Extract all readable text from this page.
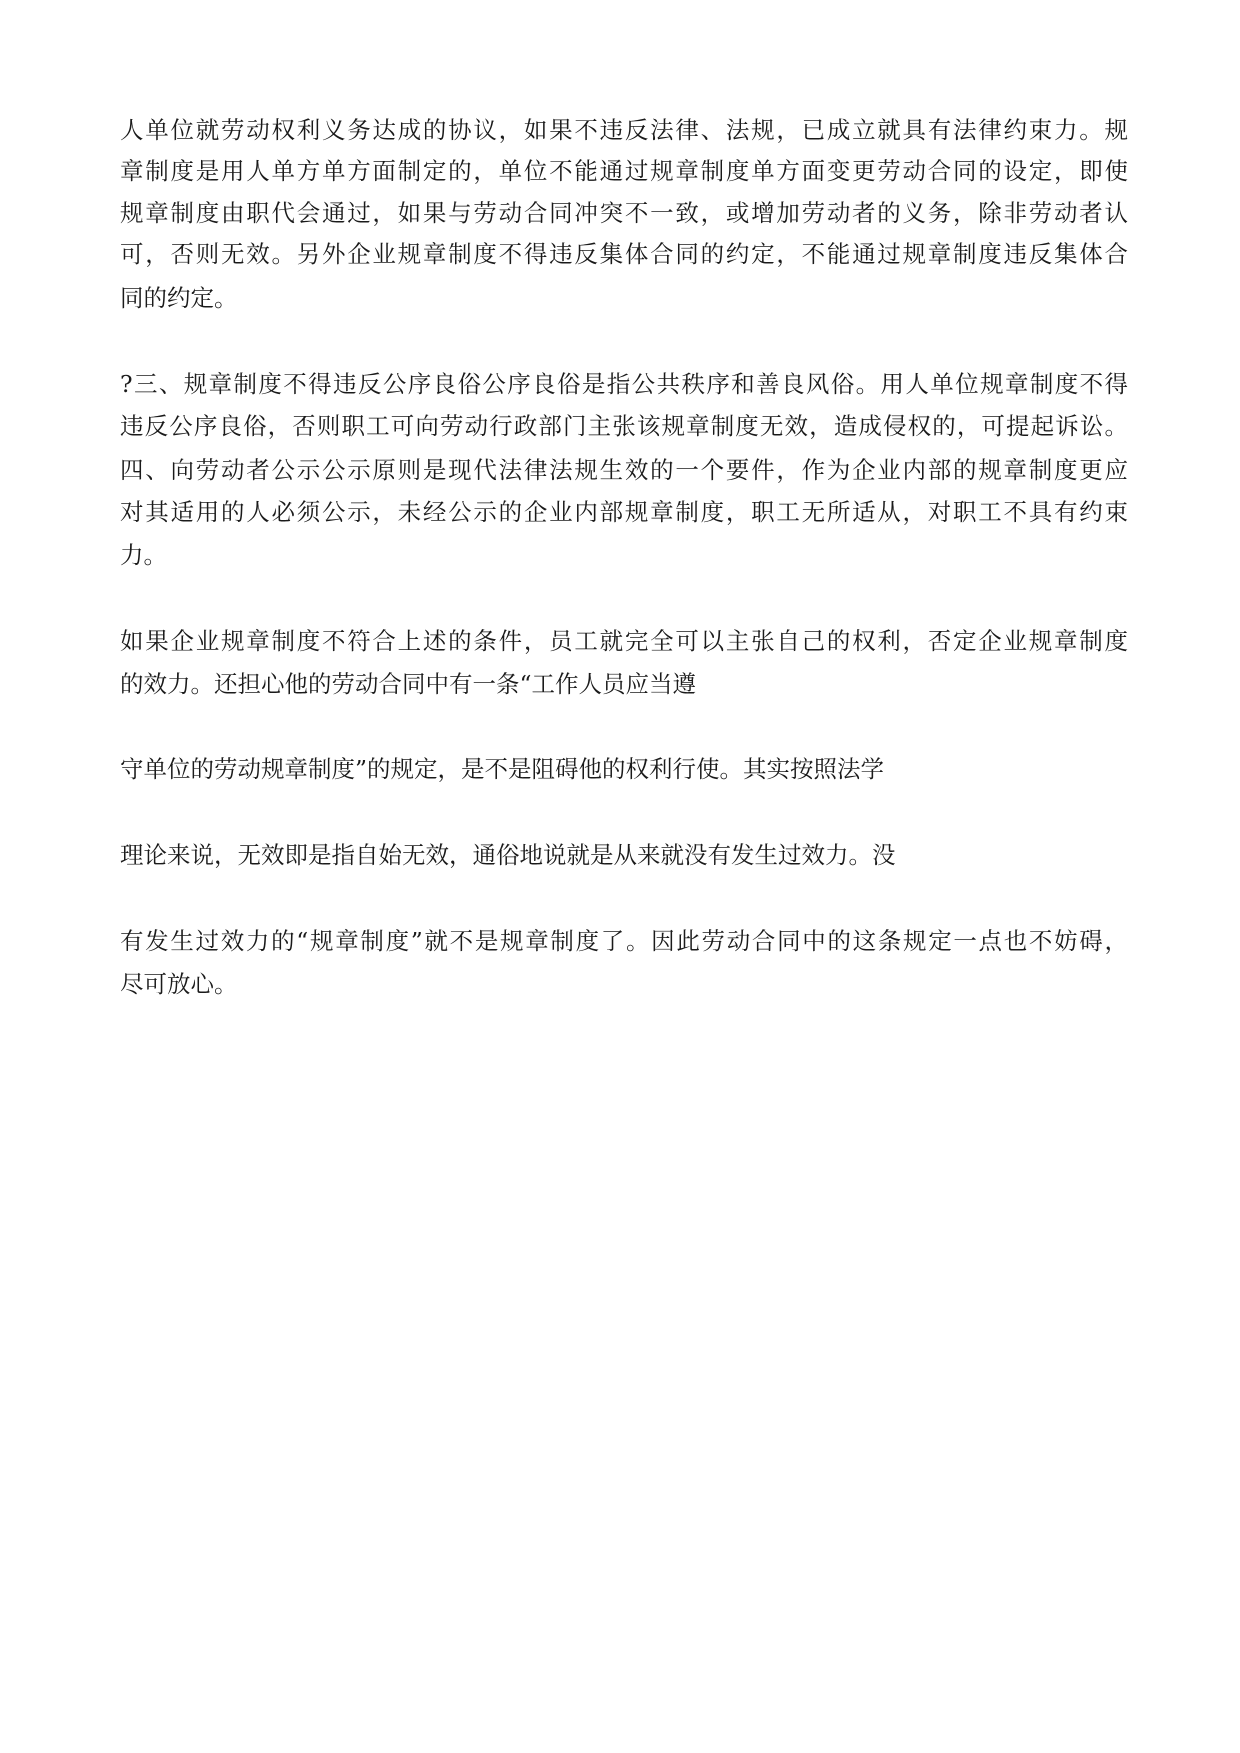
人单位就劳动权利义务达成的协议，如果不违反法律、法规，已成立就具有法律约束力。规
章制度是用人单方单方面制定的，单位不能通过规章制度单方面变更劳动合同的设定，即使
规章制度由职代会通过，如果与劳动合同冲突不一致，或增加劳动者的义务，除非劳动者认
可，否则无效。另外企业规章制度不得违反集体合同的约定，不能通过规章制度违反集体合
同的约定。
?三、规章制度不得违反公序良俗公序良俗是指公共秩序和善良风俗。用人单位规章制度不得
违反公序良俗，否则职工可向劳动行政部门主张该规章制度无效，造成侵权的，可提起诉讼。
四、向劳动者公示公示原则是现代法律法规生效的一个要件，作为企业内部的规章制度更应
对其适用的人必须公示，未经公示的企业内部规章制度，职工无所适从，对职工不具有约束
力。
如果企业规章制度不符合上述的条件，员工就完全可以主张自己的权利，否定企业规章制度
的效力。还担心他的劳动合同中有一条“工作人员应当遵
守单位的劳动规章制度”的规定，是不是阻碍他的权利行使。其实按照法学
理论来说，无效即是指自始无效，通俗地说就是从来就没有发生过效力。没
有发生过效力的“规章制度”就不是规章制度了。因此劳动合同中的这条规定一点也不妨碍，
尽可放心。
